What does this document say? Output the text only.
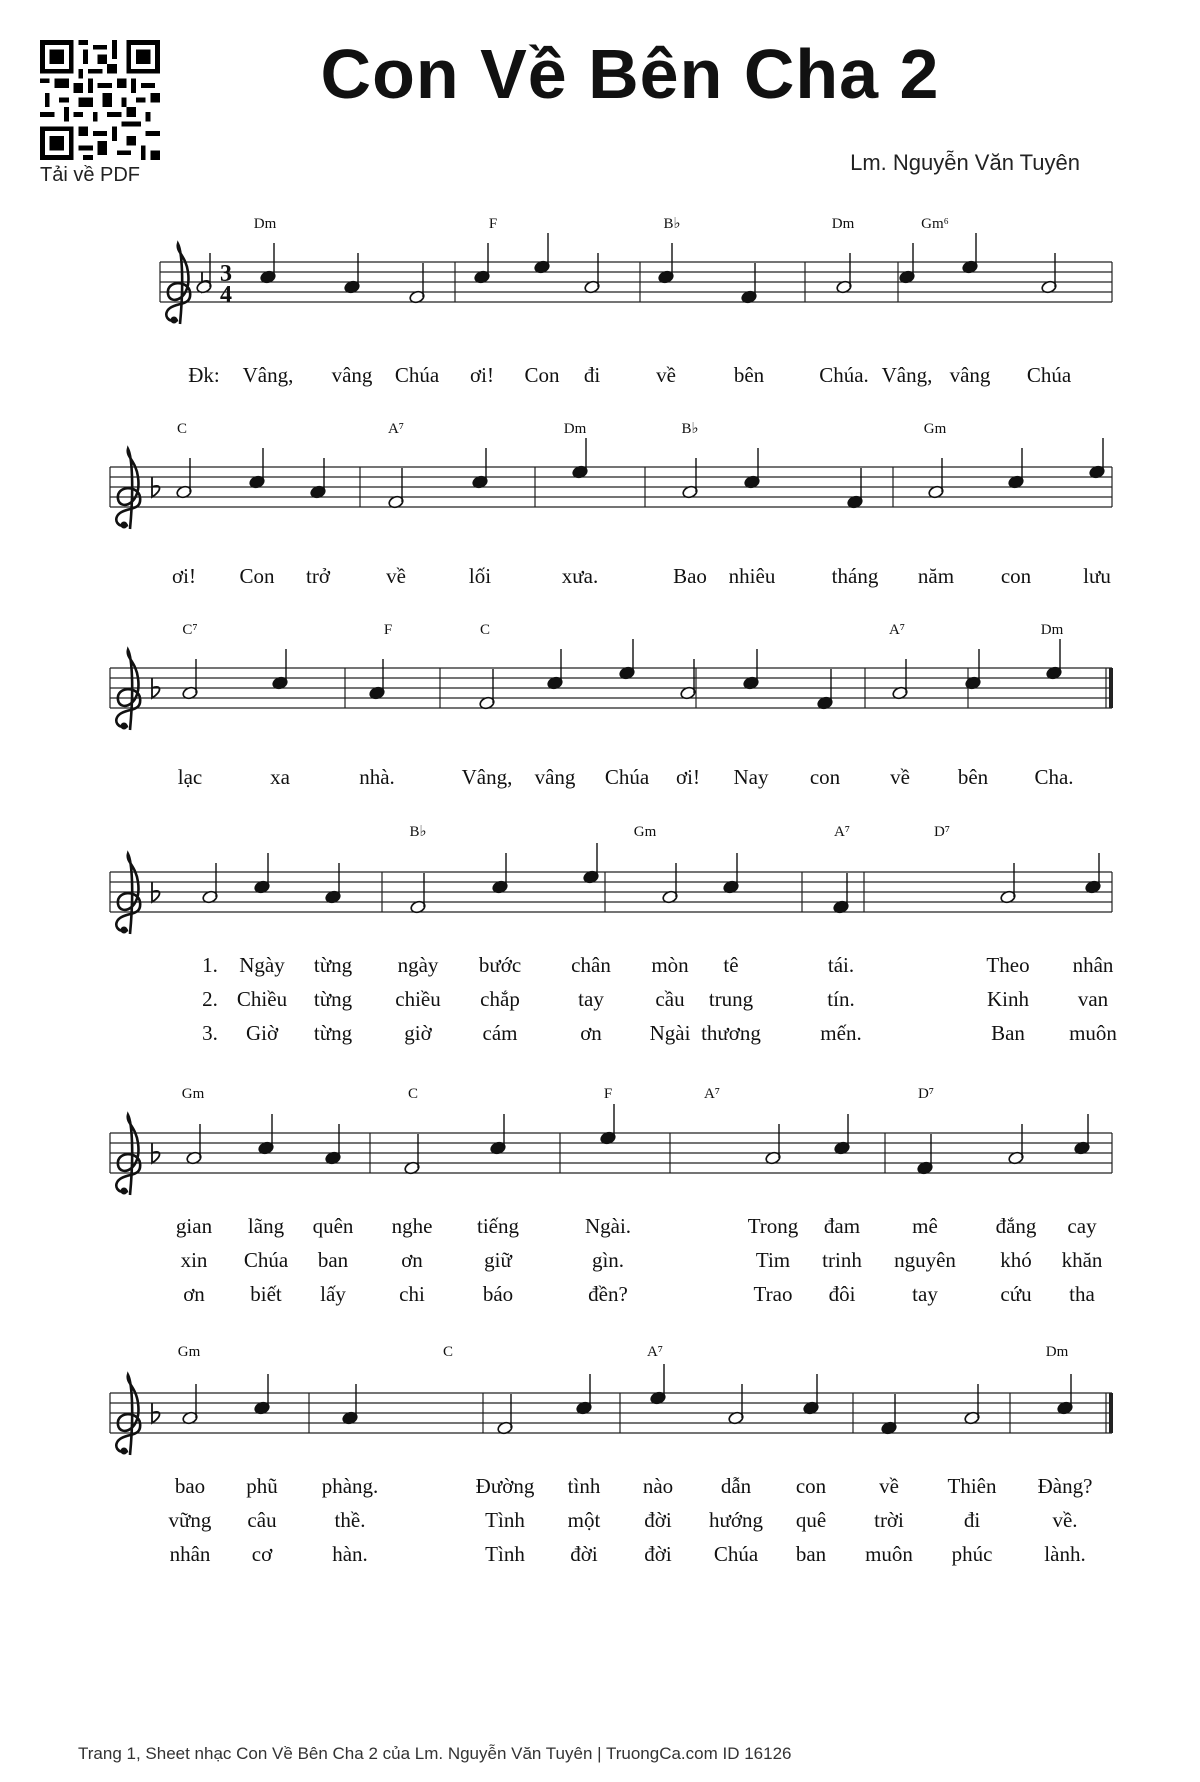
Tải về PDF
Con Về Bên Cha 2
Lm. Nguyễn Văn Tuyên
3
4
Dm	F	B♭	Dm	Gm⁶
Đk: Vâng, vâng Chúa ơi! Con đi	về	bên	Chúa. Vâng, vâng Chúa
C	A⁷	Dm	B♭	Gm
ơi! Con trở	về	lối	xưa.	Bao nhiêu	tháng năm con lưu
C⁷	F	C	A⁷	Dm
lạc	xa	nhà.	Vâng, vâng Chúa ơi! Nay con về bên Cha.
B♭	Gm	A⁷	D⁷
1. Ngày từng ngày bước chân mòn tê	tái.	Theo nhân
2. Chiều từng chiều chắp	tay cầu trung	tín.	Kinh van
3. Giờ từng giờ cám	ơn Ngài thương	mến.	Ban muôn
Gm	C	F	A⁷	D⁷
gian lãng quên nghe tiếng	Ngài.	Trong đam mê	đắng cay
xin Chúa ban	ơn	giữ	gìn.	Tim trinh nguyên khó khăn
ơn biết lấy	chi	báo	đền?	Trao đôi	tay	cứu tha
Gm	C	A⁷	Dm
bao phũ phàng.	Đường tình nào dẫn con	về Thiên Đàng?
vững câu	thề.	Tình một đời hướng quê trời	đi	về.
nhân cơ	hàn.	Tình đời đời Chúa ban muôn phúc lành.
Trang 1, Sheet nhạc Con Về Bên Cha 2 của Lm. Nguyễn Văn Tuyên | TruongCa.com ID 16126
